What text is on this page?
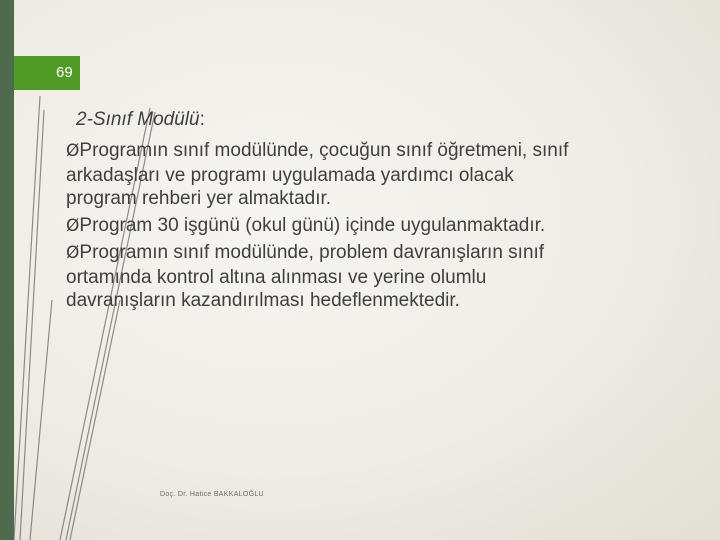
69

2-Sınıf Modülü:

ØProgramın sınıf modülünde, çocuğun sınıf öğretmeni, sınıf arkadaşları ve programı uygulamada yardımcı olacak program rehberi yer almaktadır.

ØProgram 30 işgünü (okul günü) içinde uygulanmaktadır.

ØProgramın sınıf modülünde, problem davranışların sınıf ortamında kontrol altına alınması ve yerine olumlu davranışların kazandırılması hedeflenmektedir.

Doç. Dr. Hatice BAKKALOĞLU
